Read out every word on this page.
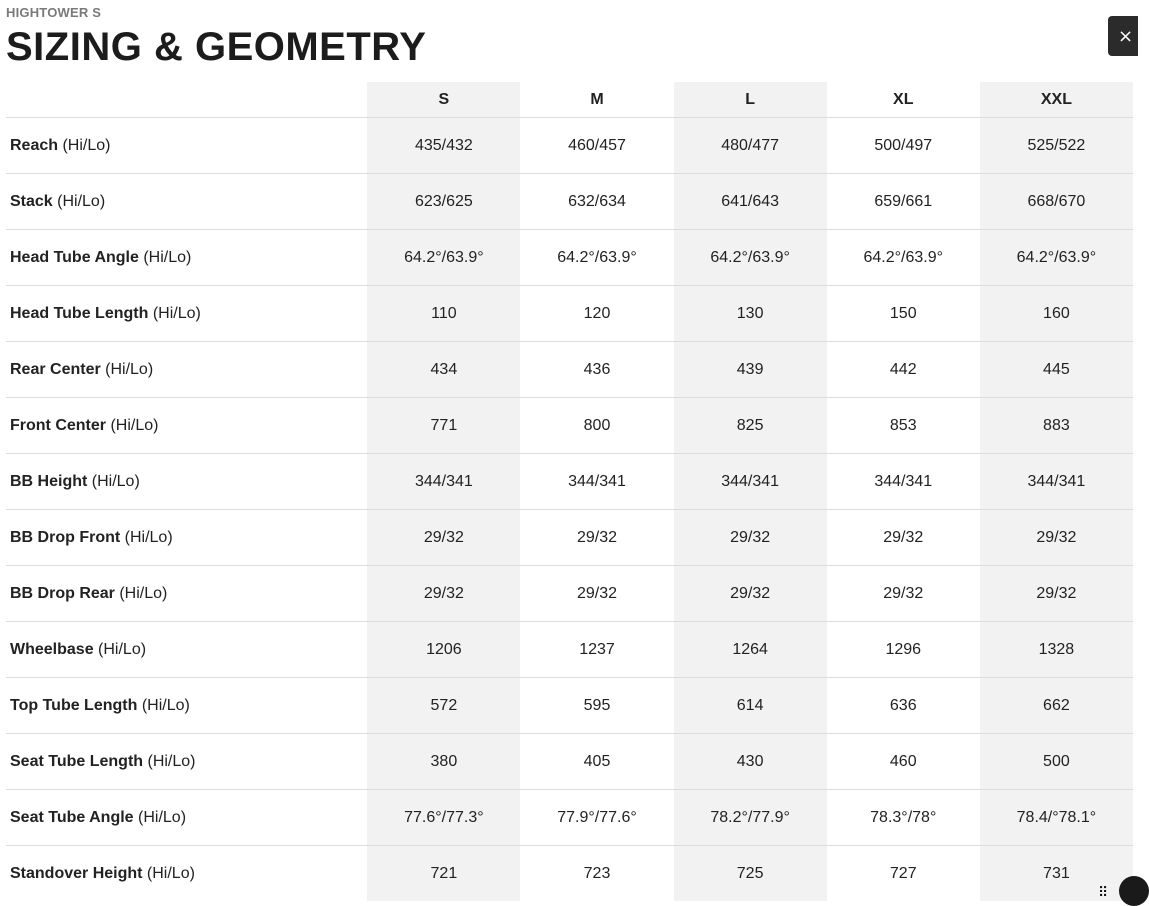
HIGHTOWER S
SIZING & GEOMETRY	×
	S	M	L	XL	XXL
Reach (Hi/Lo)	435/432	460/457	480/477	500/497	525/522
Stack (Hi/Lo)	623/625	632/634	641/643	659/661	668/670
Head Tube Angle (Hi/Lo)	64.2°/63.9°	64.2°/63.9°	64.2°/63.9°	64.2°/63.9°	64.2°/63.9°
Head Tube Length (Hi/Lo)	110	120	130	150	160
Rear Center (Hi/Lo)	434	436	439	442	445
Front Center (Hi/Lo)	771	800	825	853	883
BB Height (Hi/Lo)	344/341	344/341	344/341	344/341	344/341
BB Drop Front (Hi/Lo)	29/32	29/32	29/32	29/32	29/32
BB Drop Rear (Hi/Lo)	29/32	29/32	29/32	29/32	29/32
Wheelbase (Hi/Lo)	1206	1237	1264	1296	1328
Top Tube Length (Hi/Lo)	572	595	614	636	662
Seat Tube Length (Hi/Lo)	380	405	430	460	500
Seat Tube Angle (Hi/Lo)	77.6°/77.3°	77.9°/77.6°	78.2°/77.9°	78.3°/78°	78.4/°78.1°
Standover Height (Hi/Lo)	721	723	725	727	731
⠿
